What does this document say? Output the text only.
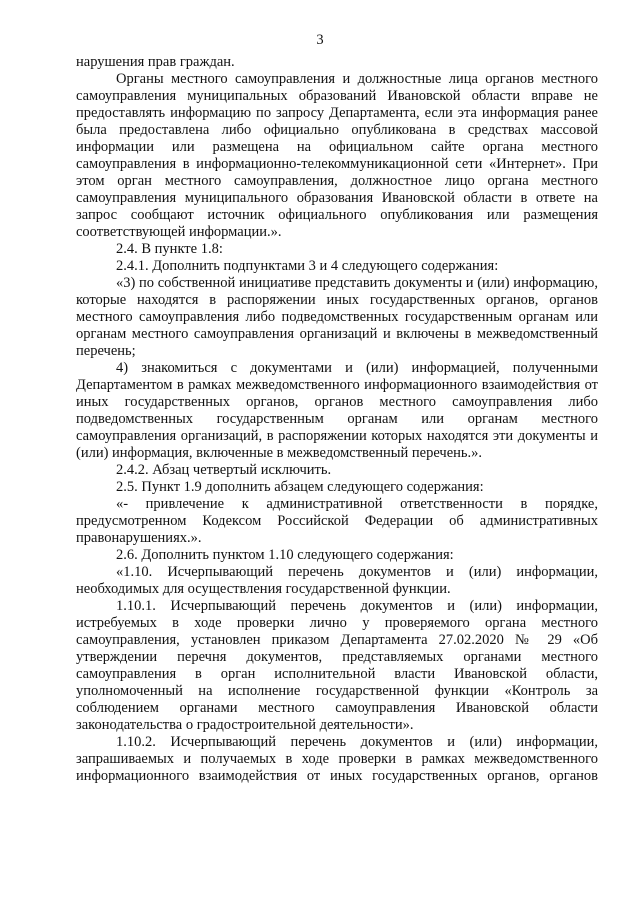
3

нарушения прав граждан.

Органы местного самоуправления и должностные лица органов местного самоуправления муниципальных образований Ивановской области вправе не предоставлять информацию по запросу Департамента, если эта информация ранее была предоставлена либо официально опубликована в средствах массовой информации или размещена на официальном сайте органа местного самоуправления в информационно-телекоммуникационной сети «Интернет». При этом орган местного самоуправления, должностное лицо органа местного самоуправления муниципального образования Ивановской области в ответе на запрос сообщают источник официального опубликования или размещения соответствующей информации.».

2.4. В пункте 1.8:

2.4.1. Дополнить подпунктами 3 и 4 следующего содержания:

«3) по собственной инициативе представить документы и (или) информацию, которые находятся в распоряжении иных государственных органов, органов местного самоуправления либо подведомственных государственным органам или органам местного самоуправления организаций и включены в межведомственный перечень;

4) знакомиться с документами и (или) информацией, полученными Департаментом в рамках межведомственного информационного взаимодействия от иных государственных органов, органов местного самоуправления либо подведомственных государственным органам или органам местного самоуправления организаций, в распоряжении которых находятся эти документы и (или) информация, включенные в межведомственный перечень.».

2.4.2. Абзац четвертый исключить.

2.5. Пункт 1.9 дополнить абзацем следующего содержания:

«- привлечение к административной ответственности в порядке, предусмотренном Кодексом Российской Федерации об административных правонарушениях.».

2.6. Дополнить пунктом 1.10 следующего содержания:

«1.10. Исчерпывающий перечень документов и (или) информации, необходимых для осуществления государственной функции.

1.10.1. Исчерпывающий перечень документов и (или) информации, истребуемых в ходе проверки лично у проверяемого органа местного самоуправления, установлен приказом Департамента 27.02.2020 № 29 «Об утверждении перечня документов, представляемых органами местного самоуправления в орган исполнительной власти Ивановской области, уполномоченный на исполнение государственной функции «Контроль за соблюдением органами местного самоуправления Ивановской области законодательства о градостроительной деятельности».

1.10.2. Исчерпывающий перечень документов и (или) информации, запрашиваемых и получаемых в ходе проверки в рамках межведомственного информационного взаимодействия от иных государственных органов, органов
